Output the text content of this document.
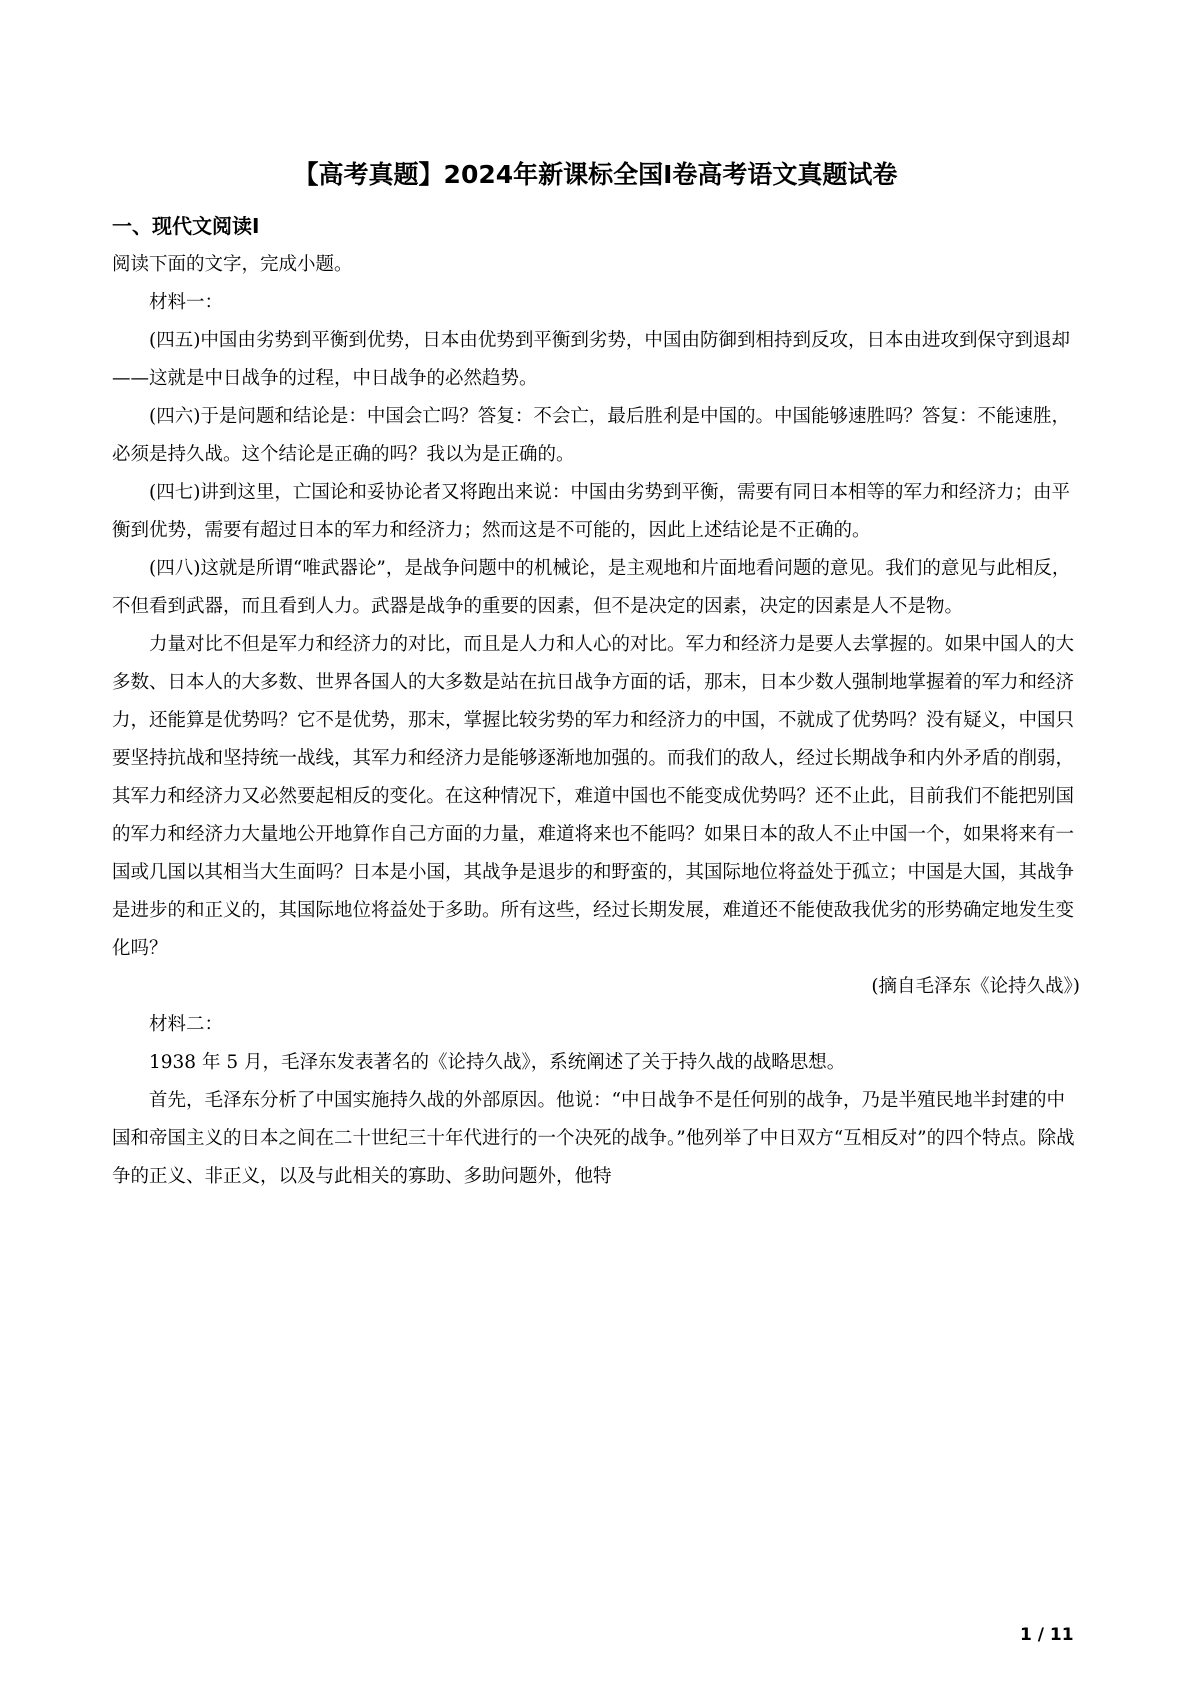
【高考真题】2024年新课标全国Ⅰ卷高考语文真题试卷
一、现代文阅读Ⅰ

阅读下面的文字，完成小题。

材料一：

(四五)中国由劣势到平衡到优势，日本由优势到平衡到劣势，中国由防御到相持到反攻，日本由进攻到保守到退却——这就是中日战争的过程，中日战争的必然趋势。

(四六)于是问题和结论是：中国会亡吗？答复：不会亡，最后胜利是中国的。中国能够速胜吗？答复：不能速胜，必须是持久战。这个结论是正确的吗？我以为是正确的。

(四七)讲到这里，亡国论和妥协论者又将跑出来说：中国由劣势到平衡，需要有同日本相等的军力和经济力；由平衡到优势，需要有超过日本的军力和经济力；然而这是不可能的，因此上述结论是不正确的。

(四八)这就是所谓“唯武器论”，是战争问题中的机械论，是主观地和片面地看问题的意见。我们的意见与此相反，不但看到武器，而且看到人力。武器是战争的重要的因素，但不是决定的因素，决定的因素是人不是物。

力量对比不但是军力和经济力的对比，而且是人力和人心的对比。军力和经济力是要人去掌握的。如果中国人的大多数、日本人的大多数、世界各国人的大多数是站在抗日战争方面的话，那末，日本少数人强制地掌握着的军力和经济力，还能算是优势吗？它不是优势，那末，掌握比较劣势的军力和经济力的中国，不就成了优势吗？没有疑义，中国只要坚持抗战和坚持统一战线，其军力和经济力是能够逐渐地加强的。而我们的敌人，经过长期战争和内外矛盾的削弱，其军力和经济力又必然要起相反的变化。在这种情况下，难道中国也不能变成优势吗？还不止此，目前我们不能把别国的军力和经济力大量地公开地算作自己方面的力量，难道将来也不能吗？如果日本的敌人不止中国一个，如果将来有一国或几国以其相当大生面吗？日本是小国，其战争是退步的和野蛮的，其国际地位将益处于孤立；中国是大国，其战争是进步的和正义的，其国际地位将益处于多助。所有这些，经过长期发展，难道还不能使敌我优劣的形势确定地发生变化吗？

(摘自毛泽东《论持久战》)

材料二：

1938 年 5 月，毛泽东发表著名的《论持久战》，系统阐述了关于持久战的战略思想。

首先，毛泽东分析了中国实施持久战的外部原因。他说：“中日战争不是任何别的战争，乃是半殖民地半封建的中国和帝国主义的日本之间在二十世纪三十年代进行的一个决死的战争。”他列举了中日双方“互相反对”的四个特点。除战争的正义、非正义，以及与此相关的寡助、多助问题外，他特

1 / 11
